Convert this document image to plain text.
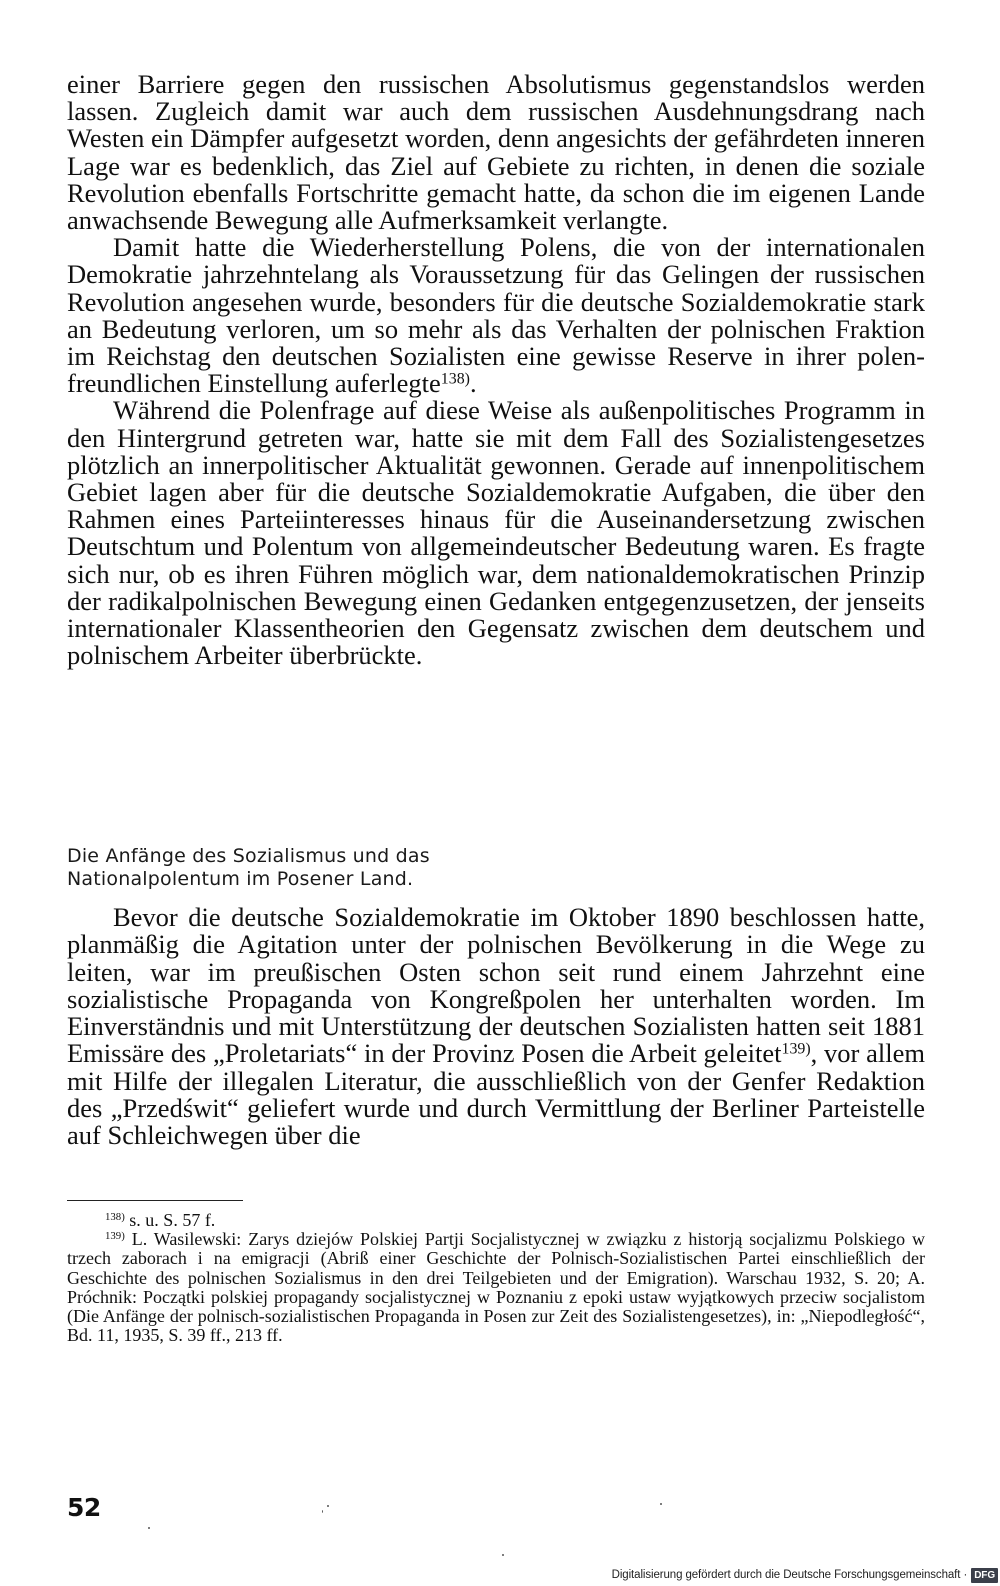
einer Barriere gegen den russischen Absolutismus gegenstandslos werden lassen. Zugleich damit war auch dem russischen Ausdehnungsdrang nach Westen ein Dämpfer aufgesetzt worden, denn angesichts der gefährdeten inneren Lage war es bedenklich, das Ziel auf Gebiete zu richten, in denen die soziale Revolution ebenfalls Fortschritte gemacht hatte, da schon die im eigenen Lande anwachsende Bewegung alle Aufmerksamkeit verlangte.

Damit hatte die Wiederherstellung Polens, die von der internationalen Demokratie jahrzehntelang als Voraussetzung für das Gelingen der russischen Revolution angesehen wurde, besonders für die deutsche Sozialdemokratie stark an Bedeutung verloren, um so mehr als das Verhalten der polnischen Fraktion im Reichstag den deutschen Sozialisten eine gewisse Reserve in ihrer polenfreundlichen Einstellung auferlegte$^{138)}$.

Während die Polenfrage auf diese Weise als außenpolitisches Programm in den Hintergrund getreten war, hatte sie mit dem Fall des Sozialistengesetzes plötzlich an innerpolitischer Aktualität gewonnen. Gerade auf innenpolitischem Gebiet lagen aber für die deutsche Sozialdemokratie Aufgaben, die über den Rahmen eines Parteiinteresses hinaus für die Auseinandersetzung zwischen Deutschtum und Polentum von allgemeindeutscher Bedeutung waren. Es fragte sich nur, ob es ihren Führen möglich war, dem nationaldemokratischen Prinzip der radikalpolnischen Bewegung einen Gedanken entgegenzusetzen, der jenseits internationaler Klassentheorien den Gegensatz zwischen dem deutschem und polnischem Arbeiter überbrückte.

Die Anfänge des Sozialismus und das
Nationalpolentum im Posener Land.

Bevor die deutsche Sozialdemokratie im Oktober 1890 beschlossen hatte, planmäßig die Agitation unter der polnischen Bevölkerung in die Wege zu leiten, war im preußischen Osten schon seit rund einem Jahrzehnt eine sozialistische Propaganda von Kongreßpolen her unterhalten worden. Im Einverständnis und mit Unterstützung der deutschen Sozialisten hatten seit 1881 Emissäre des „Proletariats“ in der Provinz Posen die Arbeit geleitet$^{139)}$, vor allem mit Hilfe der illegalen Literatur, die ausschließlich von der Genfer Redaktion des „Przedświt“ geliefert wurde und durch Vermittlung der Berliner Parteistelle auf Schleichwegen über die

$^{138)}$ s. u. S. 57 f.

$^{139)}$ L. Wasilewski: Zarys dziejów Polskiej Partji Socjalistycznej w związku z historją socjalizmu Polskiego w trzech zaborach i na emigracji (Abriß einer Geschichte der Polnisch-Sozialistischen Partei einschließlich der Geschichte des polnischen Sozialismus in den drei Teilgebieten und der Emigration). Warschau 1932, S. 20; A. Próchnik: Początki polskiej propagandy socjalistycznej w Poznaniu z epoki ustaw wyjątkowych przeciw socjalistom (Die Anfänge der polnisch-sozialistischen Propaganda in Posen zur Zeit des Sozialistengesetzes), in: „Niepodległość“, Bd. 11, 1935, S. 39 ff., 213 ff.

52
Digitalisierung gefördert durch die Deutsche Forschungsgemeinschaft · DFG
